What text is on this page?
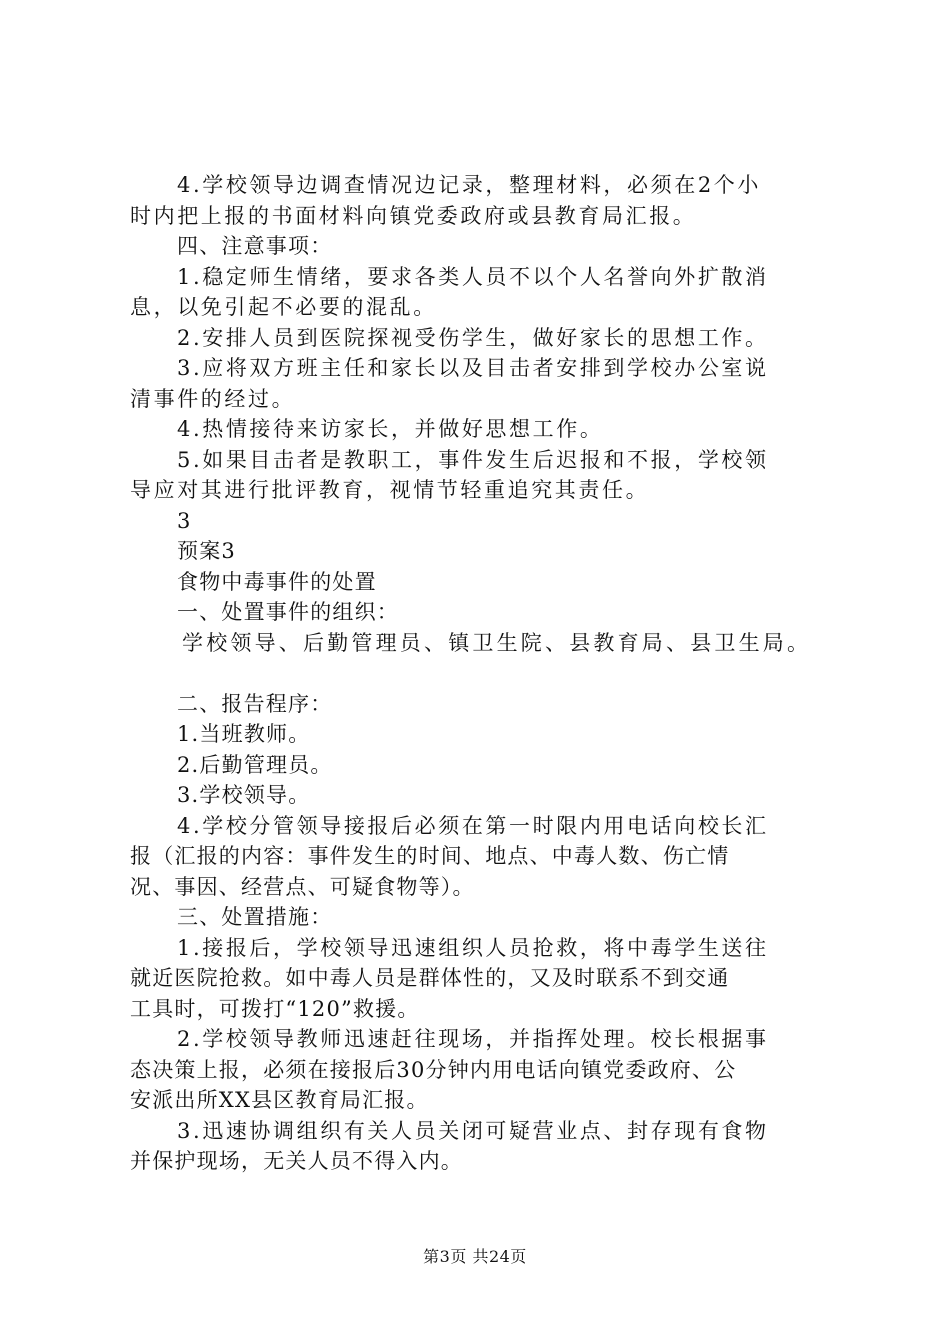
4.学校领导边调查情况边记录，整理材料，必须在2个小
时内把上报的书面材料向镇党委政府或县教育局汇报。
四、注意事项：
1.稳定师生情绪，要求各类人员不以个人名誉向外扩散消
息，以免引起不必要的混乱。
2.安排人员到医院探视受伤学生，做好家长的思想工作。
3.应将双方班主任和家长以及目击者安排到学校办公室说
清事件的经过。
4.热情接待来访家长，并做好思想工作。
5.如果目击者是教职工，事件发生后迟报和不报，学校领
导应对其进行批评教育，视情节轻重追究其责任。
3
预案3
食物中毒事件的处置
一、处置事件的组织：
学校领导、后勤管理员、镇卫生院、县教育局、县卫生局。
二、报告程序：
1.当班教师。
2.后勤管理员。
3.学校领导。
4.学校分管领导接报后必须在第一时限内用电话向校长汇
报（汇报的内容：事件发生的时间、地点、中毒人数、伤亡情
况、事因、经营点、可疑食物等）。
三、处置措施：
1.接报后，学校领导迅速组织人员抢救，将中毒学生送往
就近医院抢救。如中毒人员是群体性的，又及时联系不到交通
工具时，可拨打“120”救援。
2.学校领导教师迅速赶往现场，并指挥处理。校长根据事
态决策上报，必须在接报后30分钟内用电话向镇党委政府、公
安派出所XX县区教育局汇报。
3.迅速协调组织有关人员关闭可疑营业点、封存现有食物
并保护现场，无关人员不得入内。
第3页 共24页
